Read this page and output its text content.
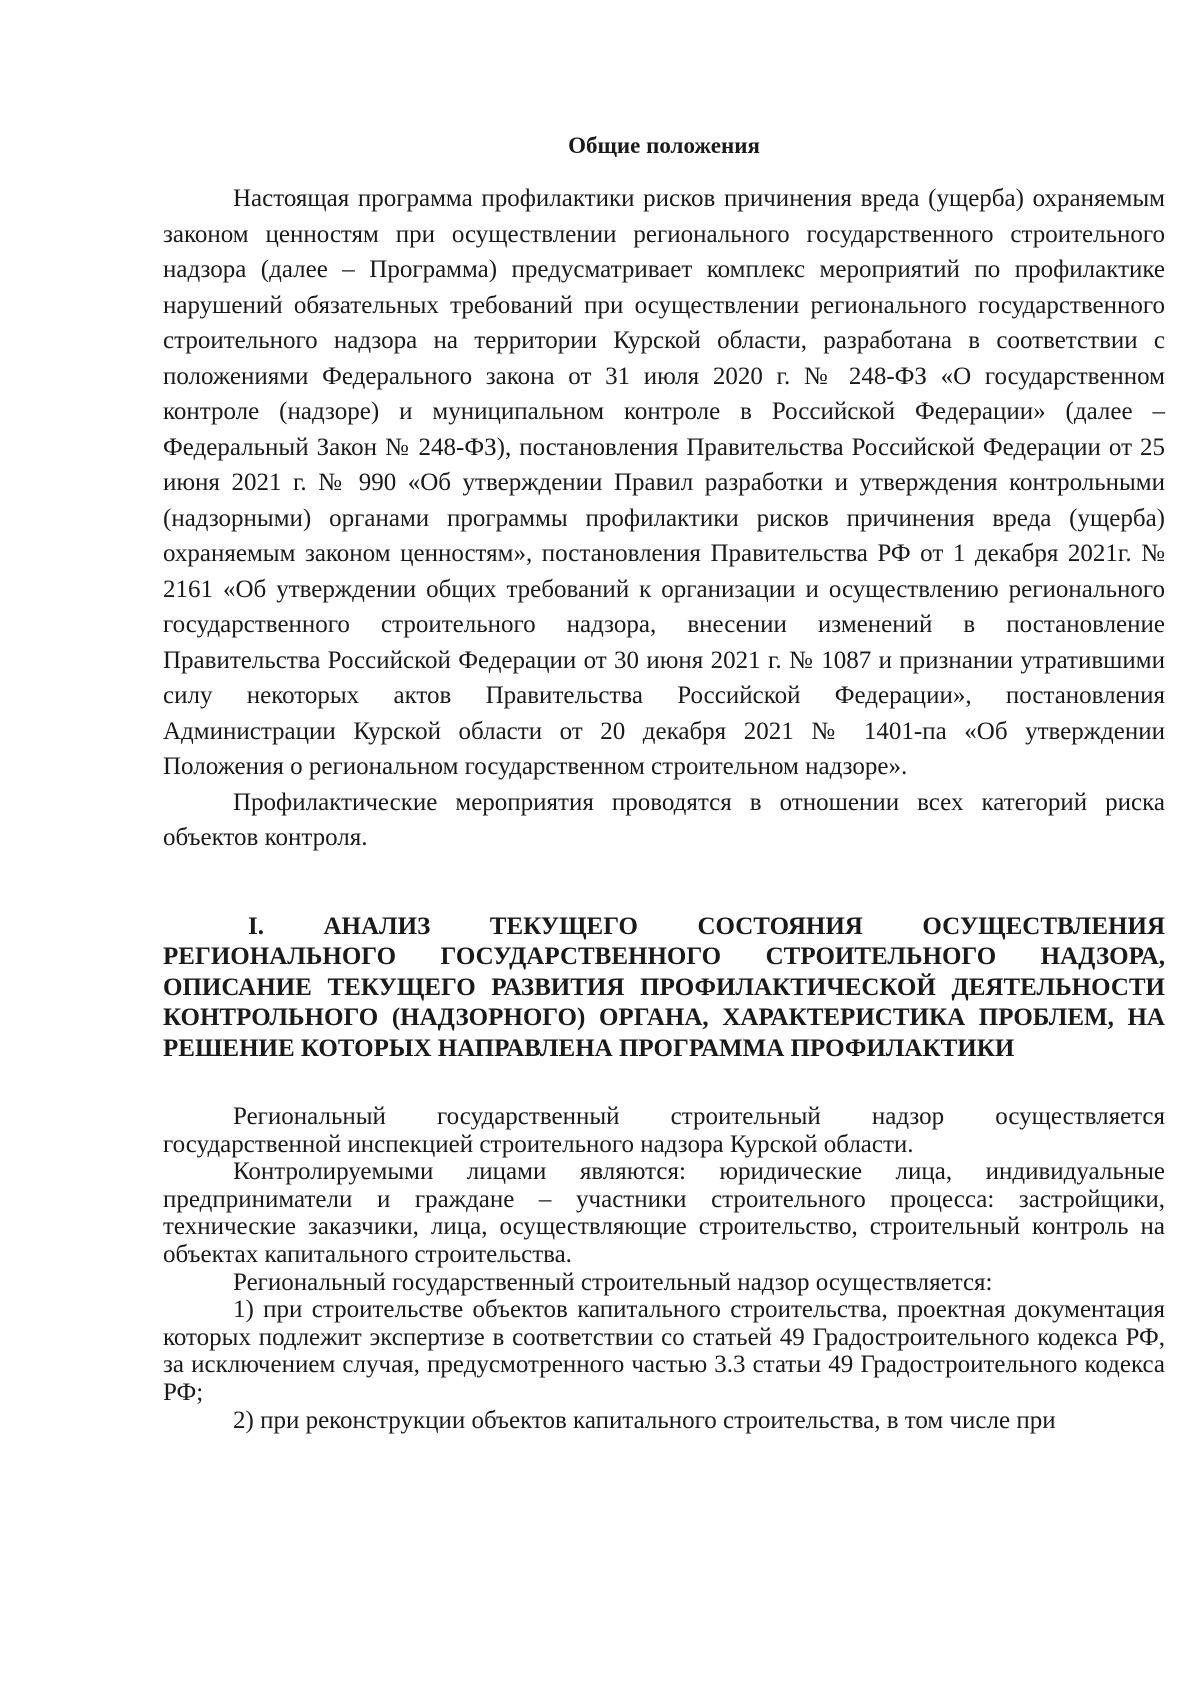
Общие положения

Настоящая программа профилактики рисков причинения вреда (ущерба) охраняемым законом ценностям при осуществлении регионального государственного строительного надзора (далее – Программа) предусматривает комплекс мероприятий по профилактике нарушений обязательных требований при осуществлении регионального государственного строительного надзора на территории Курской области, разработана в соответствии с положениями Федерального закона от 31 июля 2020 г. № 248-ФЗ «О государственном контроле (надзоре) и муниципальном контроле в Российской Федерации» (далее – Федеральный Закон № 248-ФЗ), постановления Правительства Российской Федерации от 25 июня 2021 г. № 990 «Об утверждении Правил разработки и утверждения контрольными (надзорными) органами программы профилактики рисков причинения вреда (ущерба) охраняемым законом ценностям», постановления Правительства РФ от 1 декабря 2021г. № 2161 «Об утверждении общих требований к организации и осуществлению регионального государственного строительного надзора, внесении изменений в постановление Правительства Российской Федерации от 30 июня 2021 г. № 1087 и признании утратившими силу некоторых актов Правительства Российской Федерации», постановления Администрации Курской области от 20 декабря 2021 № 1401-па «Об утверждении Положения о региональном государственном строительном надзоре».

Профилактические мероприятия проводятся в отношении всех категорий риска объектов контроля.

I. АНАЛИЗ ТЕКУЩЕГО СОСТОЯНИЯ ОСУЩЕСТВЛЕНИЯ РЕГИОНАЛЬНОГО ГОСУДАРСТВЕННОГО СТРОИТЕЛЬНОГО НАДЗОРА, ОПИСАНИЕ ТЕКУЩЕГО РАЗВИТИЯ ПРОФИЛАКТИЧЕСКОЙ ДЕЯТЕЛЬНОСТИ КОНТРОЛЬНОГО (НАДЗОРНОГО) ОРГАНА, ХАРАКТЕРИСТИКА ПРОБЛЕМ, НА РЕШЕНИЕ КОТОРЫХ НАПРАВЛЕНА ПРОГРАММА ПРОФИЛАКТИКИ

Региональный государственный строительный надзор осуществляется государственной инспекцией строительного надзора Курской области.

Контролируемыми лицами являются: юридические лица, индивидуальные предприниматели и граждане – участники строительного процесса: застройщики, технические заказчики, лица, осуществляющие строительство, строительный контроль на объектах капитального строительства.

Региональный государственный строительный надзор осуществляется:

1) при строительстве объектов капитального строительства, проектная документация которых подлежит экспертизе в соответствии со статьей 49 Градостроительного кодекса РФ, за исключением случая, предусмотренного частью 3.3 статьи 49 Градостроительного кодекса РФ;

2) при реконструкции объектов капитального строительства, в том числе при
